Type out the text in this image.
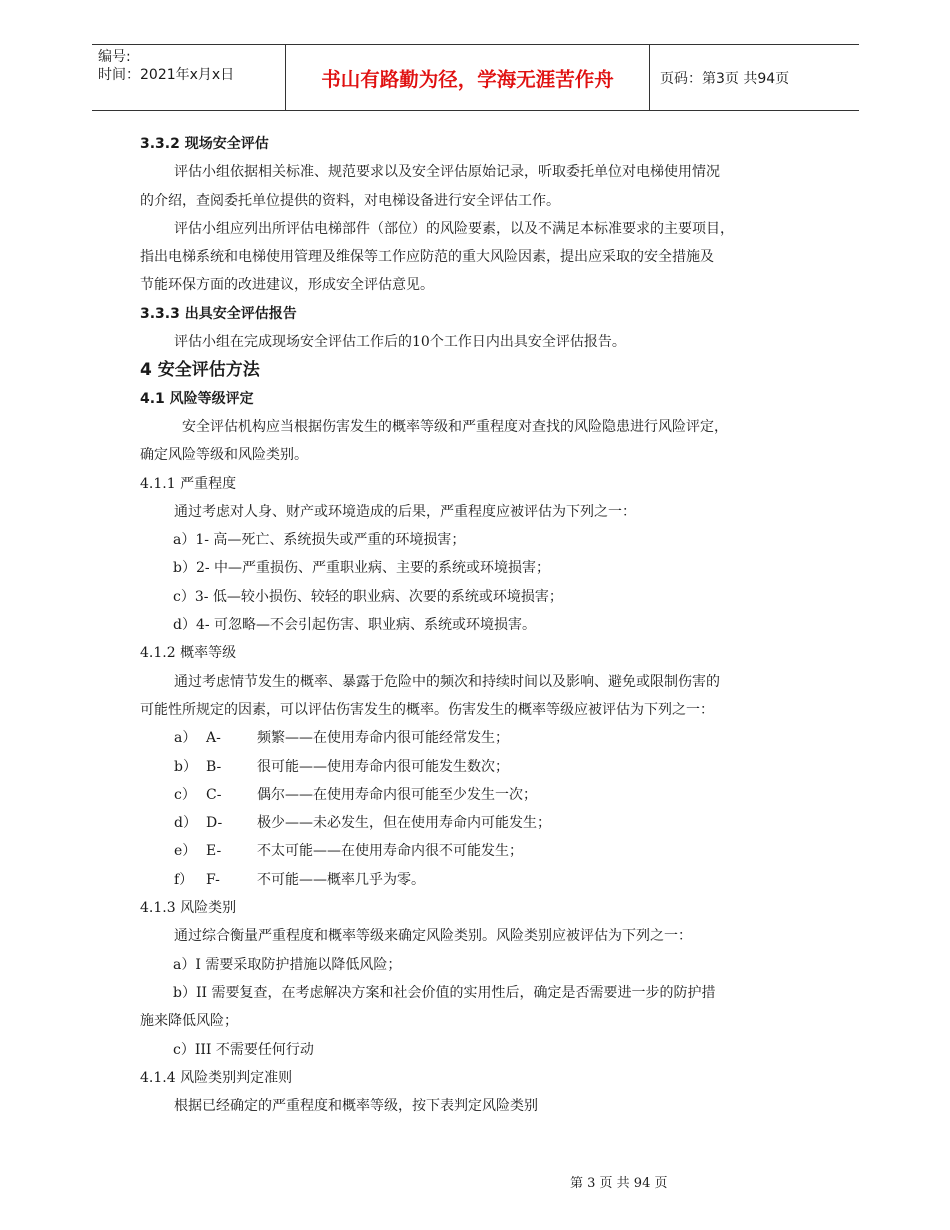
编号:
时间：2021年x月x日	书山有路勤为径，学海无涯苦作舟	页码：第3页 共94页

3.3.2 现场安全评估

评估小组依据相关标准、规范要求以及安全评估原始记录，听取委托单位对电梯使用情况

的介绍，查阅委托单位提供的资料，对电梯设备进行安全评估工作。

评估小组应列出所评估电梯部件（部位）的风险要素，以及不满足本标准要求的主要项目，

指出电梯系统和电梯使用管理及维保等工作应防范的重大风险因素，提出应采取的安全措施及

节能环保方面的改进建议，形成安全评估意见。

3.3.3 出具安全评估报告

评估小组在完成现场安全评估工作后的10个工作日内出具安全评估报告。

4 安全评估方法

4.1 风险等级评定

安全评估机构应当根据伤害发生的概率等级和严重程度对查找的风险隐患进行风险评定，

确定风险等级和风险类别。

4.1.1 严重程度

通过考虑对人身、财产或环境造成的后果，严重程度应被评估为下列之一：

a）1- 高—死亡、系统损失或严重的环境损害；

b）2- 中—严重损伤、严重职业病、主要的系统或环境损害；

c）3- 低—较小损伤、较轻的职业病、次要的系统或环境损害；

d）4- 可忽略—不会引起伤害、职业病、系统或环境损害。

4.1.2 概率等级

通过考虑情节发生的概率、暴露于危险中的频次和持续时间以及影响、避免或限制伤害的

可能性所规定的因素，可以评估伤害发生的概率。伤害发生的概率等级应被评估为下列之一：

a） A-	频繁——在使用寿命内很可能经常发生；

b） B-	很可能——使用寿命内很可能发生数次；

c） C-	偶尔——在使用寿命内很可能至少发生一次；

d） D- 极少——未必发生，但在使用寿命内可能发生；

e） E-	不太可能——在使用寿命内很不可能发生；

f） F-	不可能——概率几乎为零。

4.1.3 风险类别

通过综合衡量严重程度和概率等级来确定风险类别。风险类别应被评估为下列之一：

a）I 需要采取防护措施以降低风险；

b）II 需要复查，在考虑解决方案和社会价值的实用性后，确定是否需要进一步的防护措

施来降低风险；

c）III 不需要任何行动

4.1.4 风险类别判定准则

根据已经确定的严重程度和概率等级，按下表判定风险类别

第 3 页 共 94 页
